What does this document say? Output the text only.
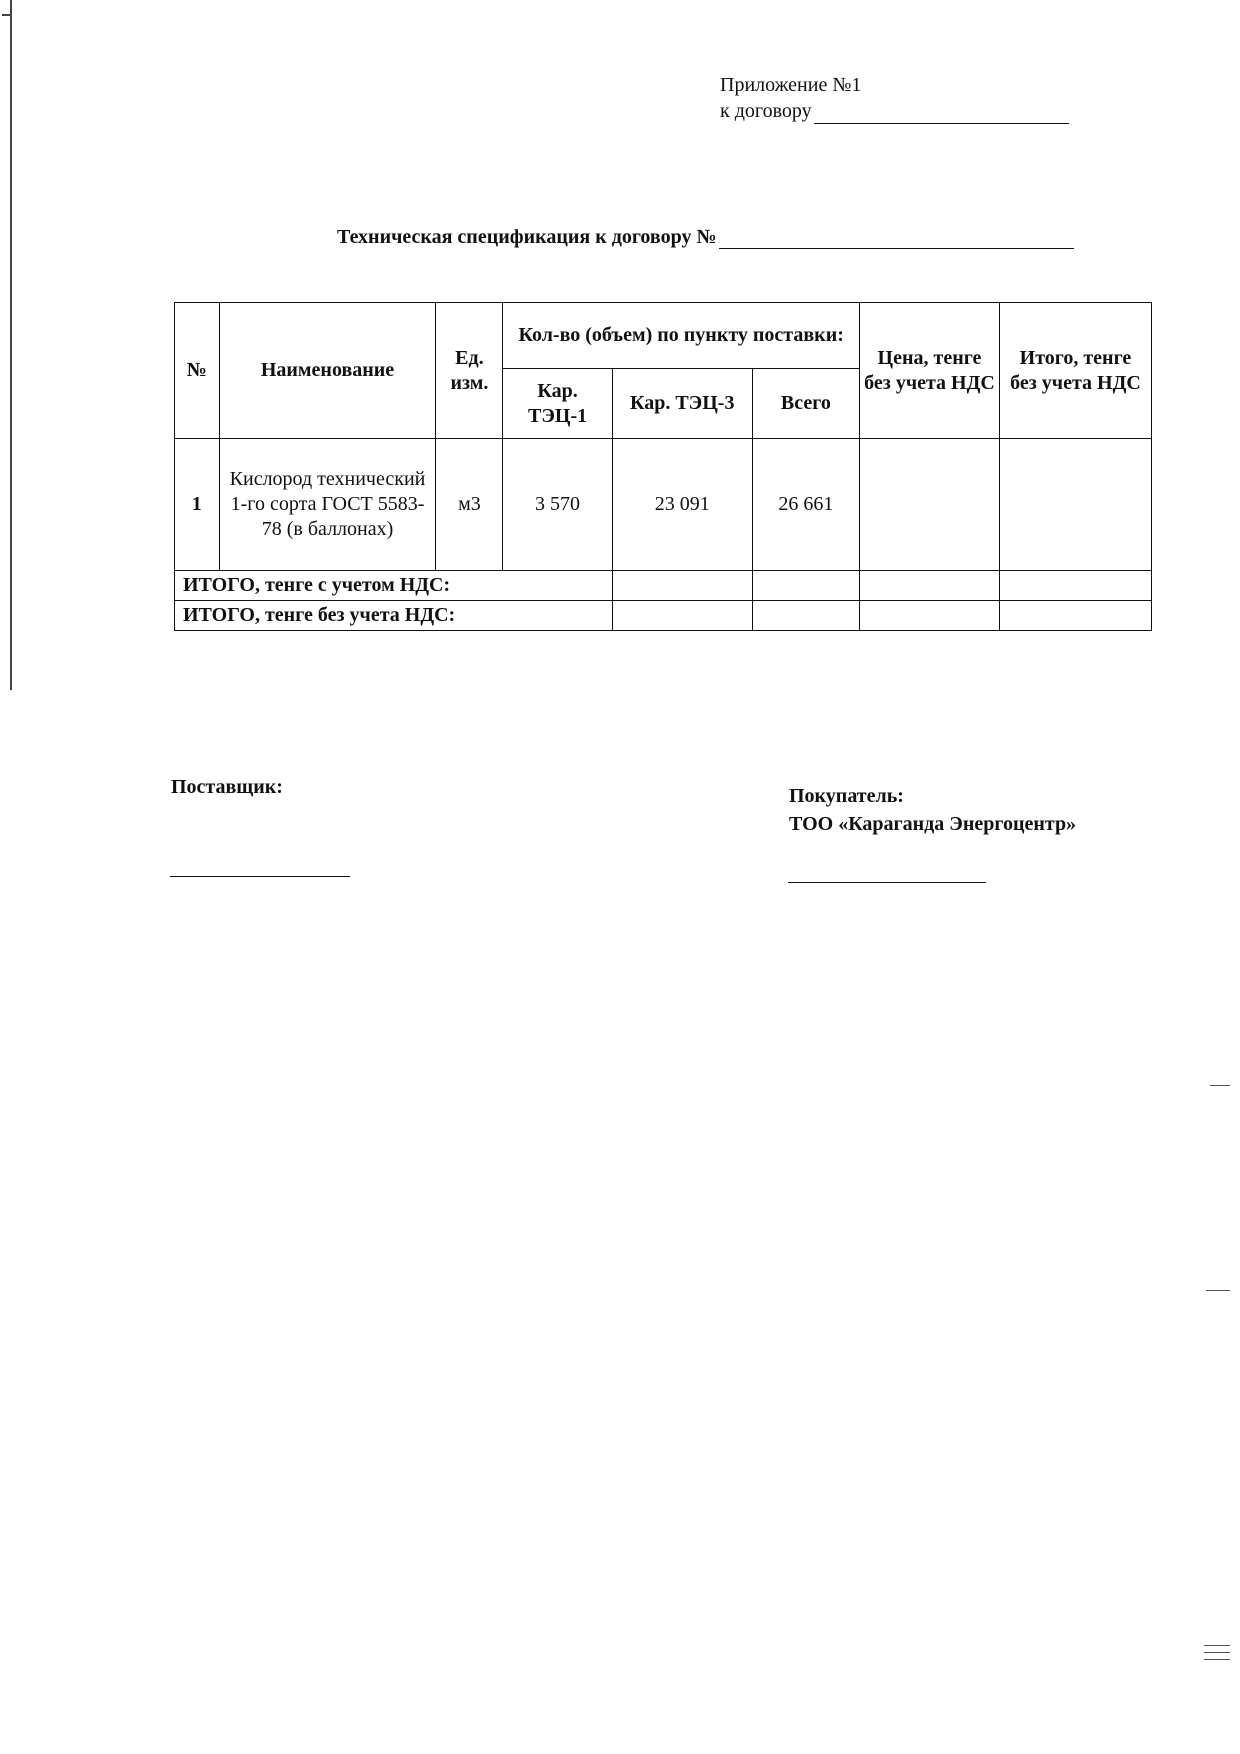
Приложение №1
к договору
Техническая спецификация к договору №
№	Наименование	Ед. изм.	Кол-во (объем) по пункту поставки:			Цена, тенге без учета НДС	Итого, тенге без учета НДС
			Кар. ТЭЦ-1	Кар. ТЭЦ-3	Всего		
1	Кислород технический 1-го сорта ГОСТ 5583-78 (в баллонах)	м3	3 570	23 091	26 661		
ИТОГО, тенге с учетом НДС:							
ИТОГО, тенге без учета НДС:							
Поставщик:	Покупатель:
ТОО «Караганда Энергоцентр»
